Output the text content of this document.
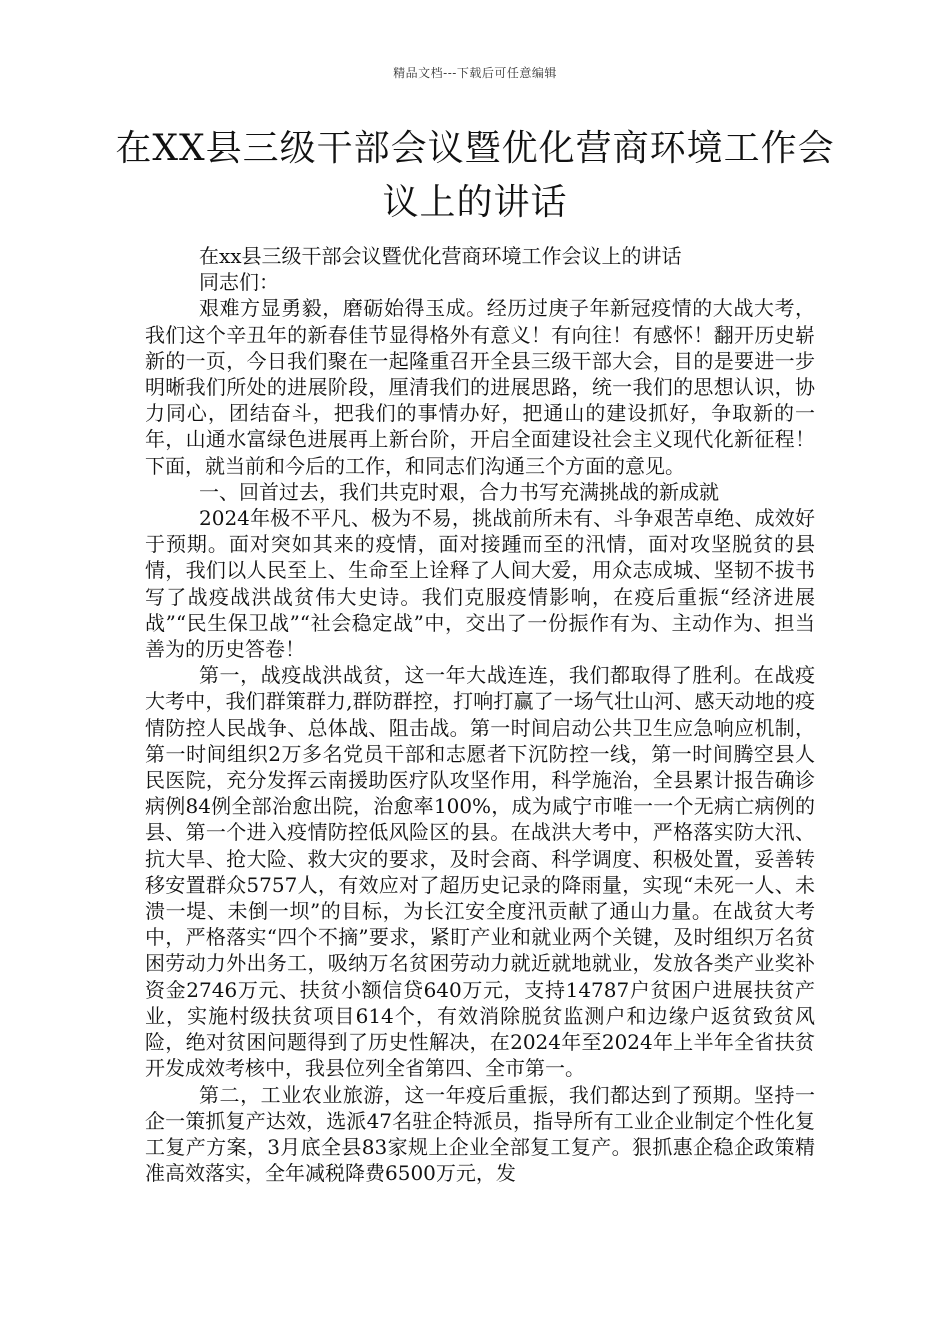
精品文档---下载后可任意编辑
在XX县三级干部会议暨优化营商环境工作会议上的讲话

在xx县三级干部会议暨优化营商环境工作会议上的讲话

同志们：

艰难方显勇毅，磨砺始得玉成。经历过庚子年新冠疫情的大战大考，我们这个辛丑年的新春佳节显得格外有意义！有向往！有感怀！翻开历史崭新的一页，今日我们聚在一起隆重召开全县三级干部大会，目的是要进一步明晰我们所处的进展阶段，厘清我们的进展思路，统一我们的思想认识，协力同心，团结奋斗，把我们的事情办好，把通山的建设抓好，争取新的一年，山通水富绿色进展再上新台阶，开启全面建设社会主义现代化新征程！下面，就当前和今后的工作，和同志们沟通三个方面的意见。

一、回首过去，我们共克时艰，合力书写充满挑战的新成就

2024年极不平凡、极为不易，挑战前所未有、斗争艰苦卓绝、成效好于预期。面对突如其来的疫情，面对接踵而至的汛情，面对攻坚脱贫的县情，我们以人民至上、生命至上诠释了人间大爱，用众志成城、坚韧不拔书写了战疫战洪战贫伟大史诗。我们克服疫情影响，在疫后重振“经济进展战”“民生保卫战”“社会稳定战”中，交出了一份振作有为、主动作为、担当善为的历史答卷！

第一，战疫战洪战贫，这一年大战连连，我们都取得了胜利。在战疫大考中，我们群策群力,群防群控，打响打赢了一场气壮山河、感天动地的疫情防控人民战争、总体战、阻击战。第一时间启动公共卫生应急响应机制，第一时间组织2万多名党员干部和志愿者下沉防控一线，第一时间腾空县人民医院，充分发挥云南援助医疗队攻坚作用，科学施治，全县累计报告确诊病例84例全部治愈出院，治愈率100%，成为咸宁市唯一一个无病亡病例的县、第一个进入疫情防控低风险区的县。在战洪大考中，严格落实防大汛、抗大旱、抢大险、救大灾的要求，及时会商、科学调度、积极处置，妥善转移安置群众5757人，有效应对了超历史记录的降雨量，实现“未死一人、未溃一堤、未倒一坝”的目标，为长江安全度汛贡献了通山力量。在战贫大考中，严格落实“四个不摘”要求，紧盯产业和就业两个关键，及时组织万名贫困劳动力外出务工，吸纳万名贫困劳动力就近就地就业，发放各类产业奖补资金2746万元、扶贫小额信贷640万元，支持14787户贫困户进展扶贫产业，实施村级扶贫项目614个，有效消除脱贫监测户和边缘户返贫致贫风险，绝对贫困问题得到了历史性解决，在2024年至2024年上半年全省扶贫开发成效考核中，我县位列全省第四、全市第一。

第二，工业农业旅游，这一年疫后重振，我们都达到了预期。坚持一企一策抓复产达效，选派47名驻企特派员，指导所有工业企业制定个性化复工复产方案，3月底全县83家规上企业全部复工复产。狠抓惠企稳企政策精准高效落实，全年减税降费6500万元，发
